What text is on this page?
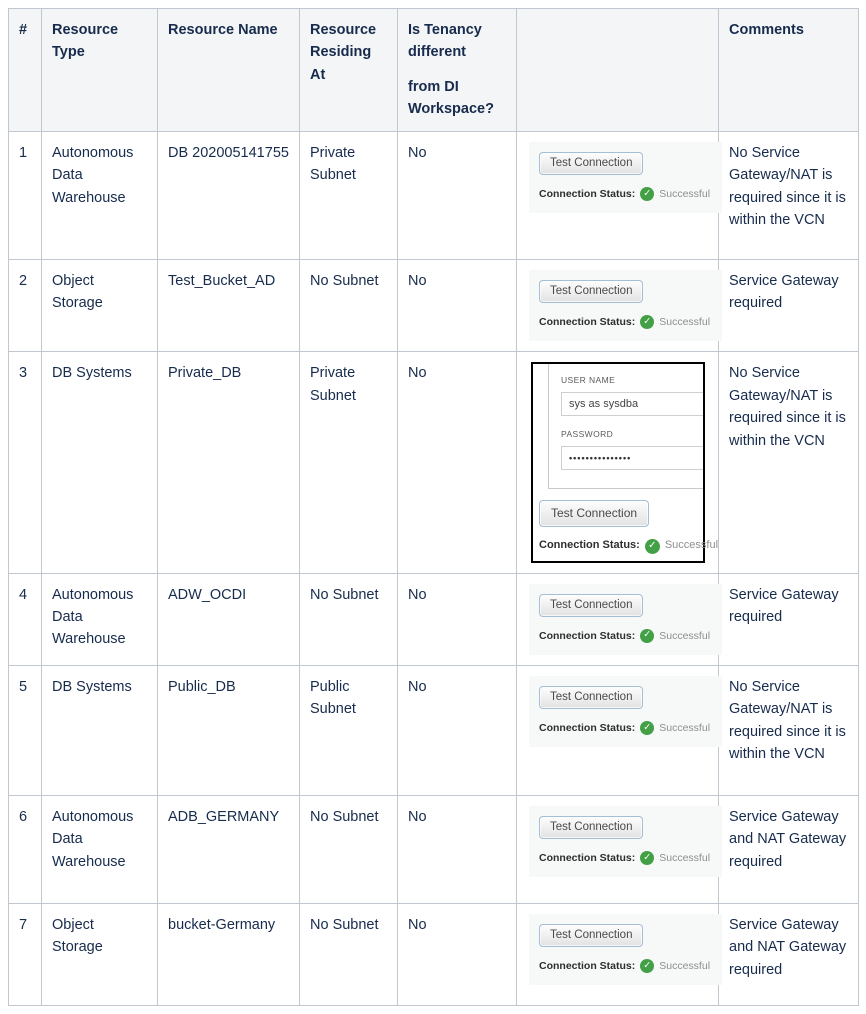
#	Resource Type	Resource Name	Resource Residing At	Is Tenancy different
from DI Workspace?		Comments
1	Autonomous Data Warehouse	DB 202005141755	Private Subnet	No	Test Connection
Connection Status: ✓ Successful	No Service Gateway/NAT is required since it is within the VCN
2	Object Storage	Test_Bucket_AD	No Subnet	No	Test Connection
Connection Status: ✓ Successful	Service Gateway required
3	DB Systems	Private_DB	Private Subnet	No	USER NAME
sys as sysdba
PASSWORD
•••••••••••••••
Test Connection
Connection Status: ✓ Successful
	No Service Gateway/NAT is required since it is within the VCN
4	Autonomous Data Warehouse	ADW_OCDI	No Subnet	No	Test Connection
Connection Status: ✓ Successful	Service Gateway required
5	DB Systems	Public_DB	Public Subnet	No	Test Connection
Connection Status: ✓ Successful	No Service Gateway/NAT is required since it is within the VCN
6	Autonomous Data Warehouse	ADB_GERMANY	No Subnet	No	Test Connection
Connection Status: ✓ Successful	Service Gateway and NAT Gateway required
7	Object Storage	bucket-Germany	No Subnet	No	Test Connection
Connection Status: ✓ Successful	Service Gateway and NAT Gateway required
